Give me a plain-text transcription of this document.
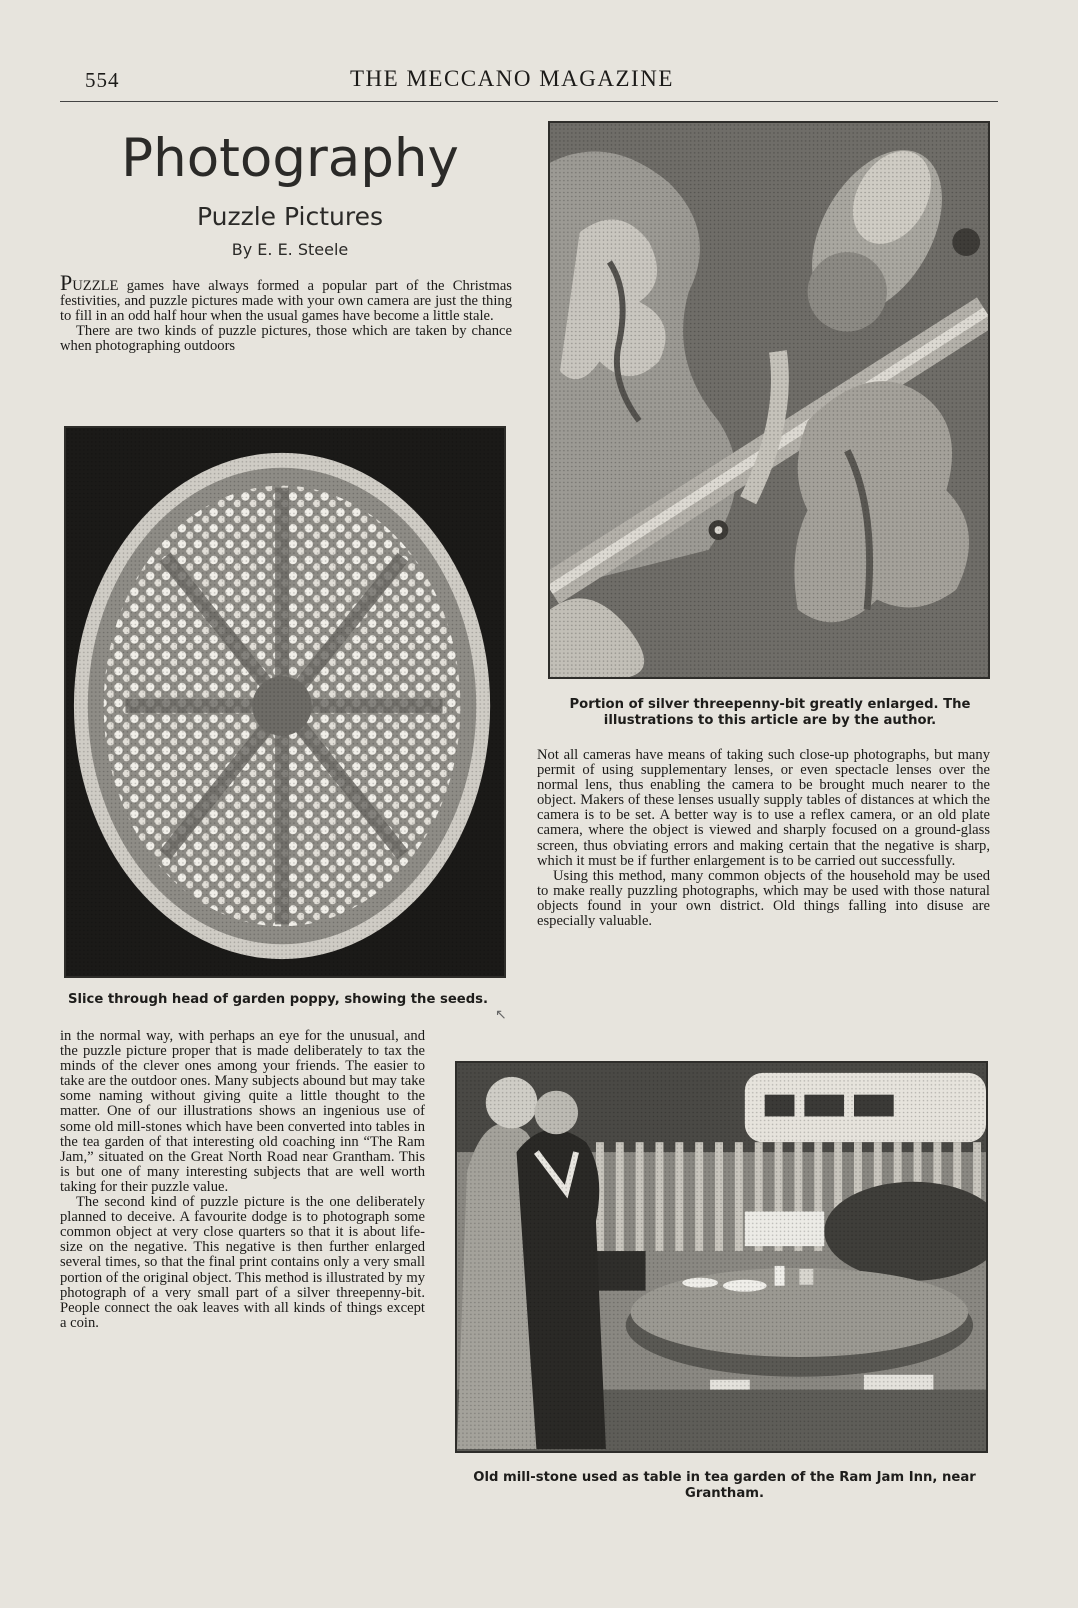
554	THE MECCANO MAGAZINE
Photography
Puzzle Pictures
By E. E. Steele

PUZZLE games have always formed a popular part of the Christmas festivities, and puzzle pictures made with your own camera are just the thing to fill in an odd half hour when the usual games have become a little stale.

There are two kinds of puzzle pictures, those which are taken by chance when photographing outdoors

Portion of silver threepenny-bit greatly enlarged. The illustrations to this article are by the author.
Slice through head of garden poppy, showing the seeds.
↖

in the normal way, with perhaps an eye for the unusual, and the puzzle picture proper that is made deliberately to tax the minds of the clever ones among your friends. The easier to take are the outdoor ones. Many subjects abound but may take some naming without giving quite a little thought to the matter. One of our illustrations shows an ingenious use of some old mill-stones which have been converted into tables in the tea garden of that interesting old coaching inn “The Ram Jam,” situated on the Great North Road near Grantham. This is but one of many interesting subjects that are well worth taking for their puzzle value.

The second kind of puzzle picture is the one deliberately planned to deceive. A favourite dodge is to photograph some common object at very close quarters so that it is about life-size on the negative. This negative is then further enlarged several times, so that the final print contains only a very small portion of the original object. This method is illustrated by my photograph of a very small part of a silver threepenny-bit. People connect the oak leaves with all kinds of things except a coin.

Not all cameras have means of taking such close-up photographs, but many permit of using supplementary lenses, or even spectacle lenses over the normal lens, thus enabling the camera to be brought much nearer to the object. Makers of these lenses usually supply tables of distances at which the camera is to be set. A better way is to use a reflex camera, or an old plate camera, where the object is viewed and sharply focused on a ground-glass screen, thus obviating errors and making certain that the negative is sharp, which it must be if further enlargement is to be carried out successfully.

Using this method, many common objects of the household may be used to make really puzzling photographs, which may be used with those natural objects found in your own district. Old things falling into disuse are especially valuable.

Old mill-stone used as table in tea garden of the Ram Jam Inn, near Grantham.
